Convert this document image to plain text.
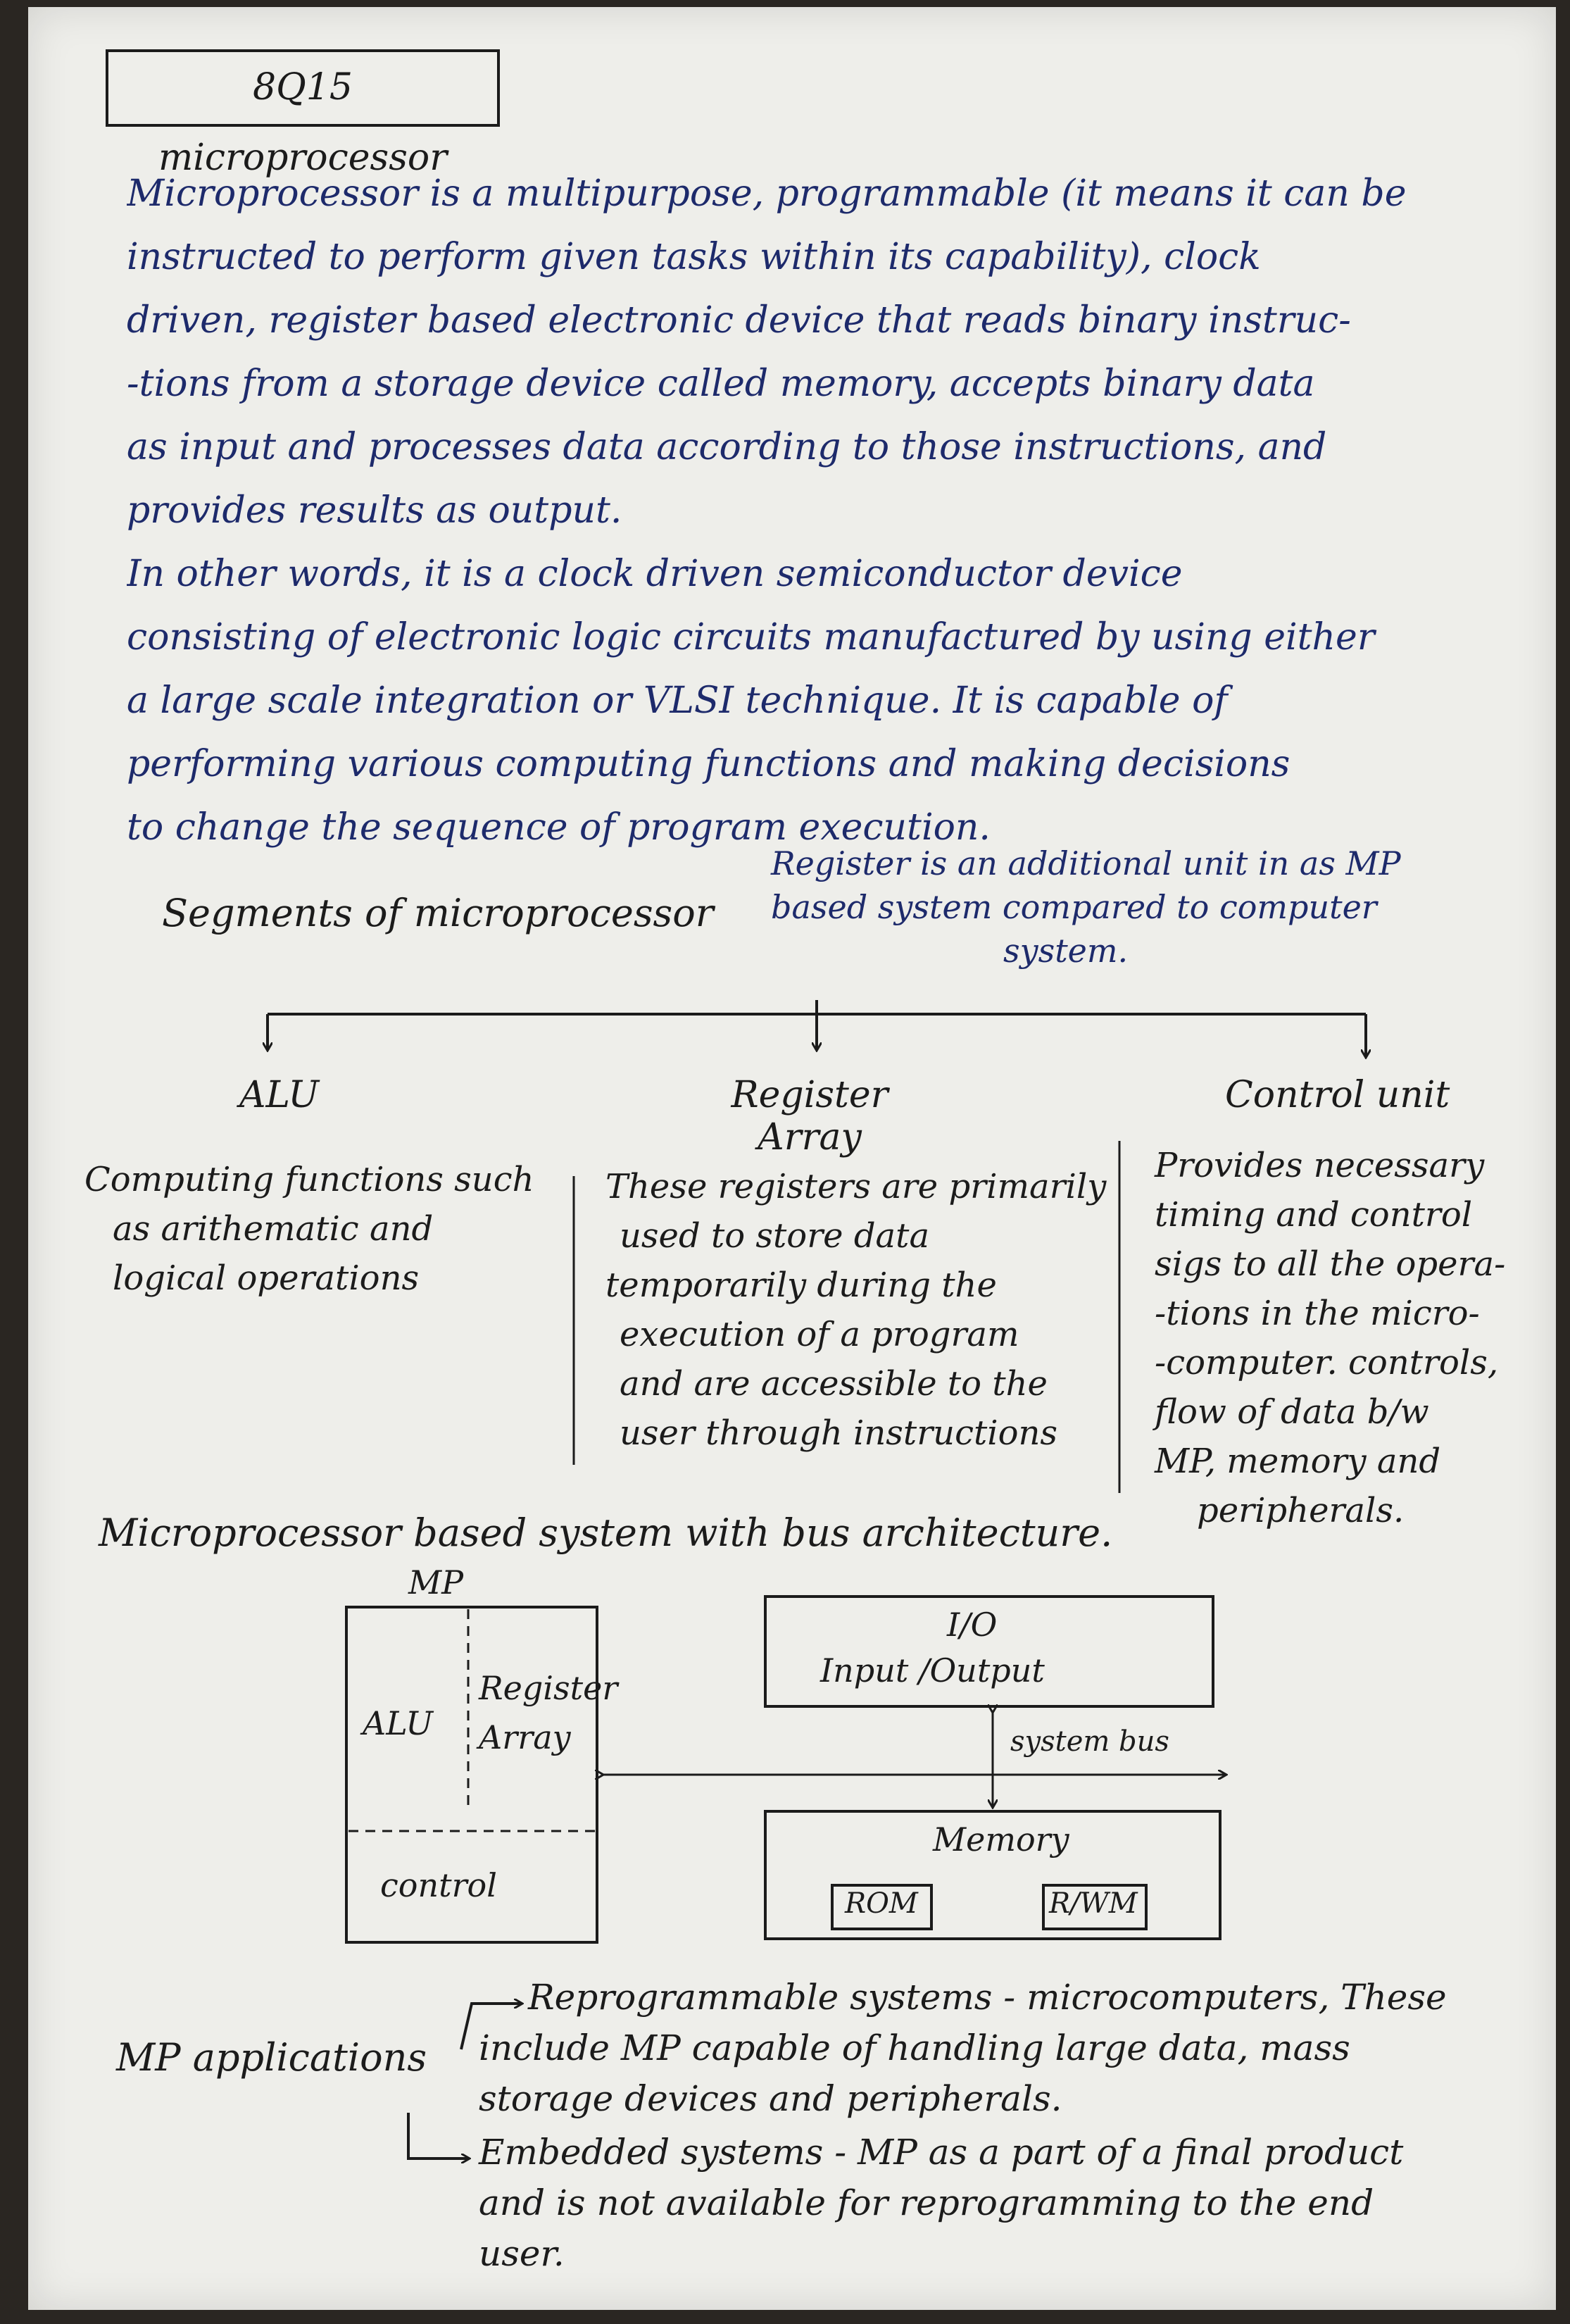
8Q15 microprocessor
Microprocessor is a multipurpose, programmable (it means it can be
instructed to perform given tasks within its capability), clock
driven, register based electronic device that reads binary instruc-
-tions from a storage device called memory, accepts binary data
as input and processes data according to those instructions, and
provides results as output.
In other words, it is a clock driven semiconductor device
consisting of electronic logic circuits manufactured by using either
a large scale integration or VLSI technique. It is capable of
performing various computing functions and making decisions
to change the sequence of program execution.
Segments of microprocessor
Register is an additional unit in as MP
based system compared to computer
system.
ALU	Register Array
Control unit
Computing functions such
as arithematic and
logical operations
These registers are primarily
used to store data
temporarily during the
execution of a program
and are accessible to the
user through instructions
Provides necessary
timing and control
sigs to all the opera-
-tions in the micro-
-computer. controls,
flow of data b/w
MP, memory and
peripherals.
Microprocessor based system with bus architecture.
MP
ALU
Register
Array
control
I/O
Input /Output
system bus
Memory
ROM	R/WM
MP applications
Reprogrammable systems - microcomputers, These
include MP capable of handling large data, mass
storage devices and peripherals.
Embedded systems - MP as a part of a final product
and is not available for reprogramming to the end
user.
